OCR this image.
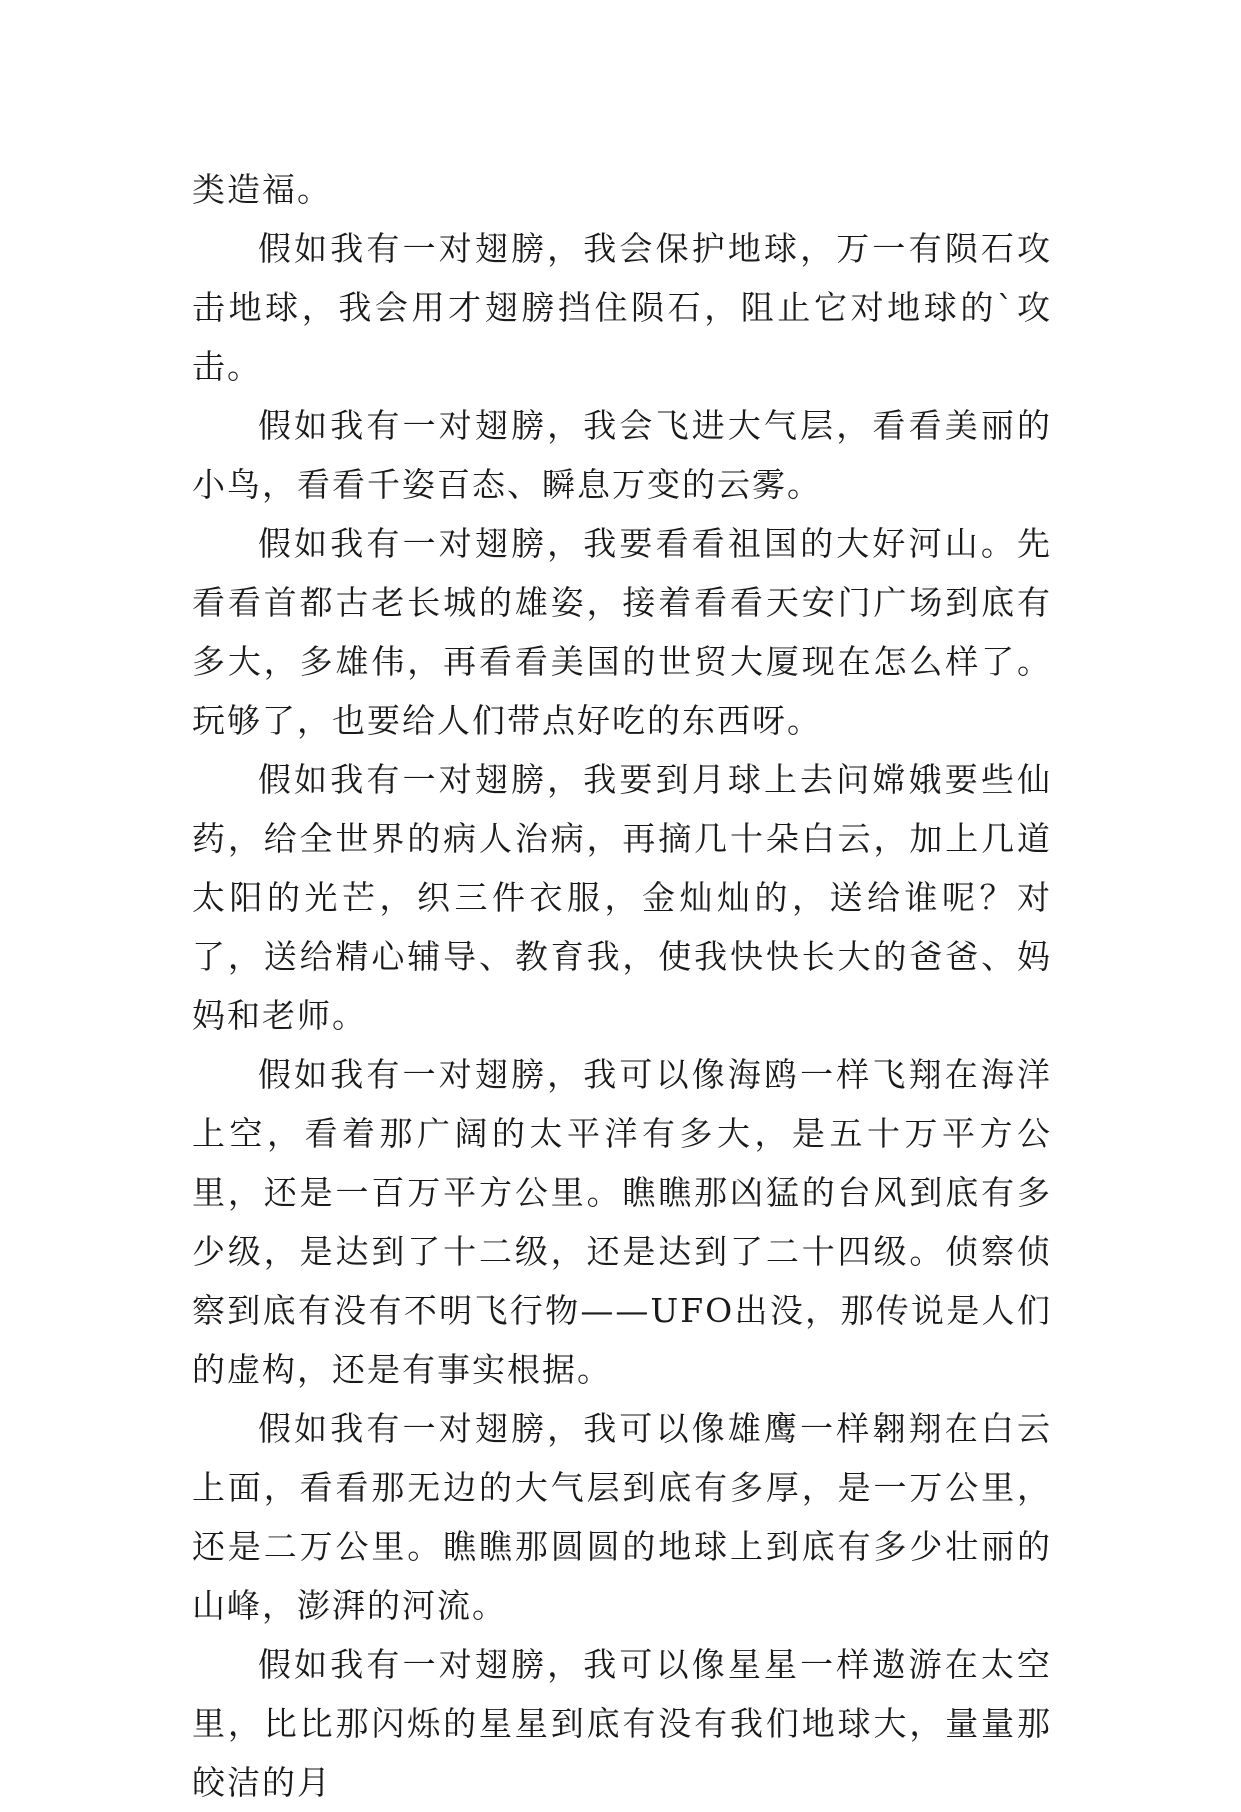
类造福。

假如我有一对翅膀，我会保护地球，万一有陨石攻击地球，我会用才翅膀挡住陨石，阻止它对地球的`攻击。

假如我有一对翅膀，我会飞进大气层，看看美丽的小鸟，看看千姿百态、瞬息万变的云雾。

假如我有一对翅膀，我要看看祖国的大好河山。先看看首都古老长城的雄姿，接着看看天安门广场到底有多大，多雄伟，再看看美国的世贸大厦现在怎么样了。玩够了，也要给人们带点好吃的东西呀。

假如我有一对翅膀，我要到月球上去问嫦娥要些仙药，给全世界的病人治病，再摘几十朵白云，加上几道太阳的光芒，织三件衣服，金灿灿的，送给谁呢？对了，送给精心辅导、教育我，使我快快长大的爸爸、妈妈和老师。

假如我有一对翅膀，我可以像海鸥一样飞翔在海洋上空，看着那广阔的太平洋有多大，是五十万平方公里，还是一百万平方公里。瞧瞧那凶猛的台风到底有多少级，是达到了十二级，还是达到了二十四级。侦察侦察到底有没有不明飞行物——UFO出没，那传说是人们的虚构，还是有事实根据。

假如我有一对翅膀，我可以像雄鹰一样翱翔在白云上面，看看那无边的大气层到底有多厚，是一万公里，还是二万公里。瞧瞧那圆圆的地球上到底有多少壮丽的山峰，澎湃的河流。

假如我有一对翅膀，我可以像星星一样遨游在太空里，比比那闪烁的星星到底有没有我们地球大，量量那皎洁的月
